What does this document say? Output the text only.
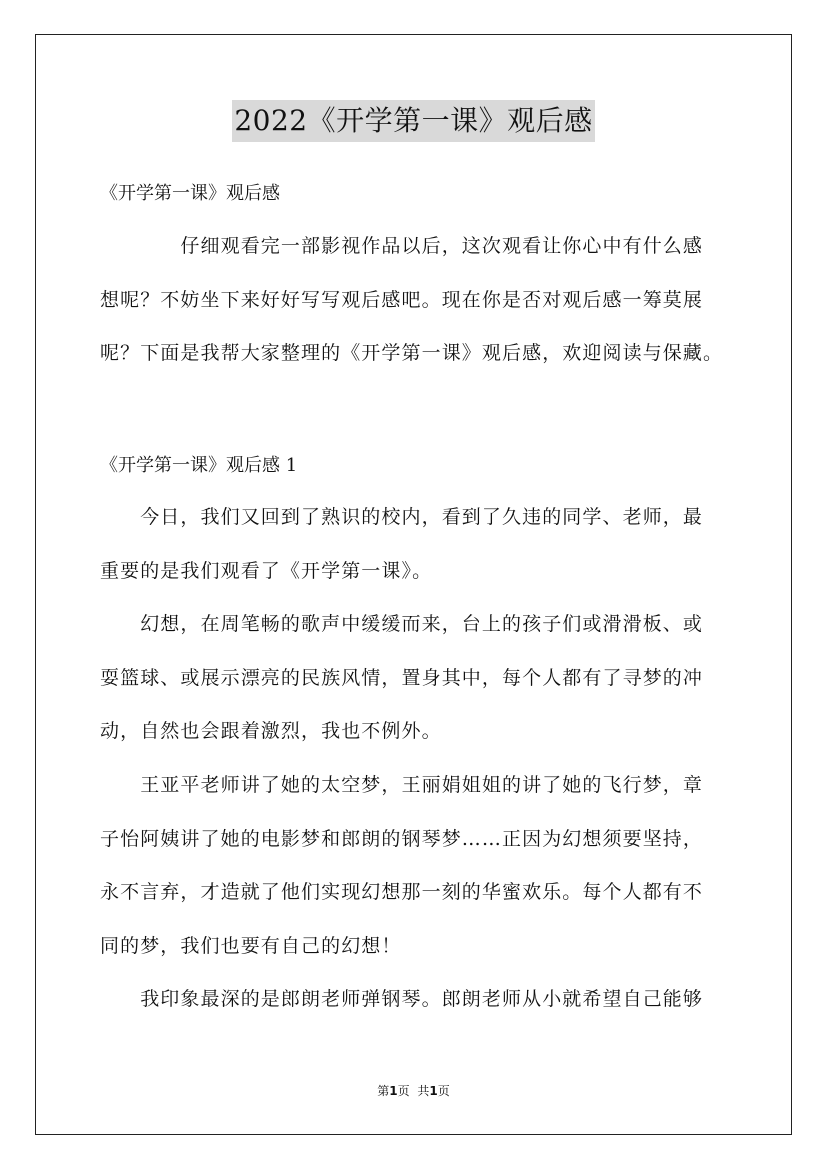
2022《开学第一课》观后感

《开学第一课》观后感

　　　　仔细观看完一部影视作品以后，这次观看让你心中有什么感
想呢？不妨坐下来好好写写观后感吧。现在你是否对观后感一筹莫展
呢？下面是我帮大家整理的《开学第一课》观后感，欢迎阅读与保藏。

《开学第一课》观后感 1

　　今日，我们又回到了熟识的校内，看到了久违的同学、老师，最
重要的是我们观看了《开学第一课》。
　　幻想，在周笔畅的歌声中缓缓而来，台上的孩子们或滑滑板、或
耍篮球、或展示漂亮的民族风情，置身其中，每个人都有了寻梦的冲
动，自然也会跟着激烈，我也不例外。
　　王亚平老师讲了她的太空梦，王丽娟姐姐的讲了她的飞行梦，章
子怡阿姨讲了她的电影梦和郎朗的钢琴梦……正因为幻想须要坚持，
永不言弃，才造就了他们实现幻想那一刻的华蜜欢乐。每个人都有不
同的梦，我们也要有自己的幻想！
　　我印象最深的是郎朗老师弹钢琴。郎朗老师从小就希望自己能够
第1页 共1页
